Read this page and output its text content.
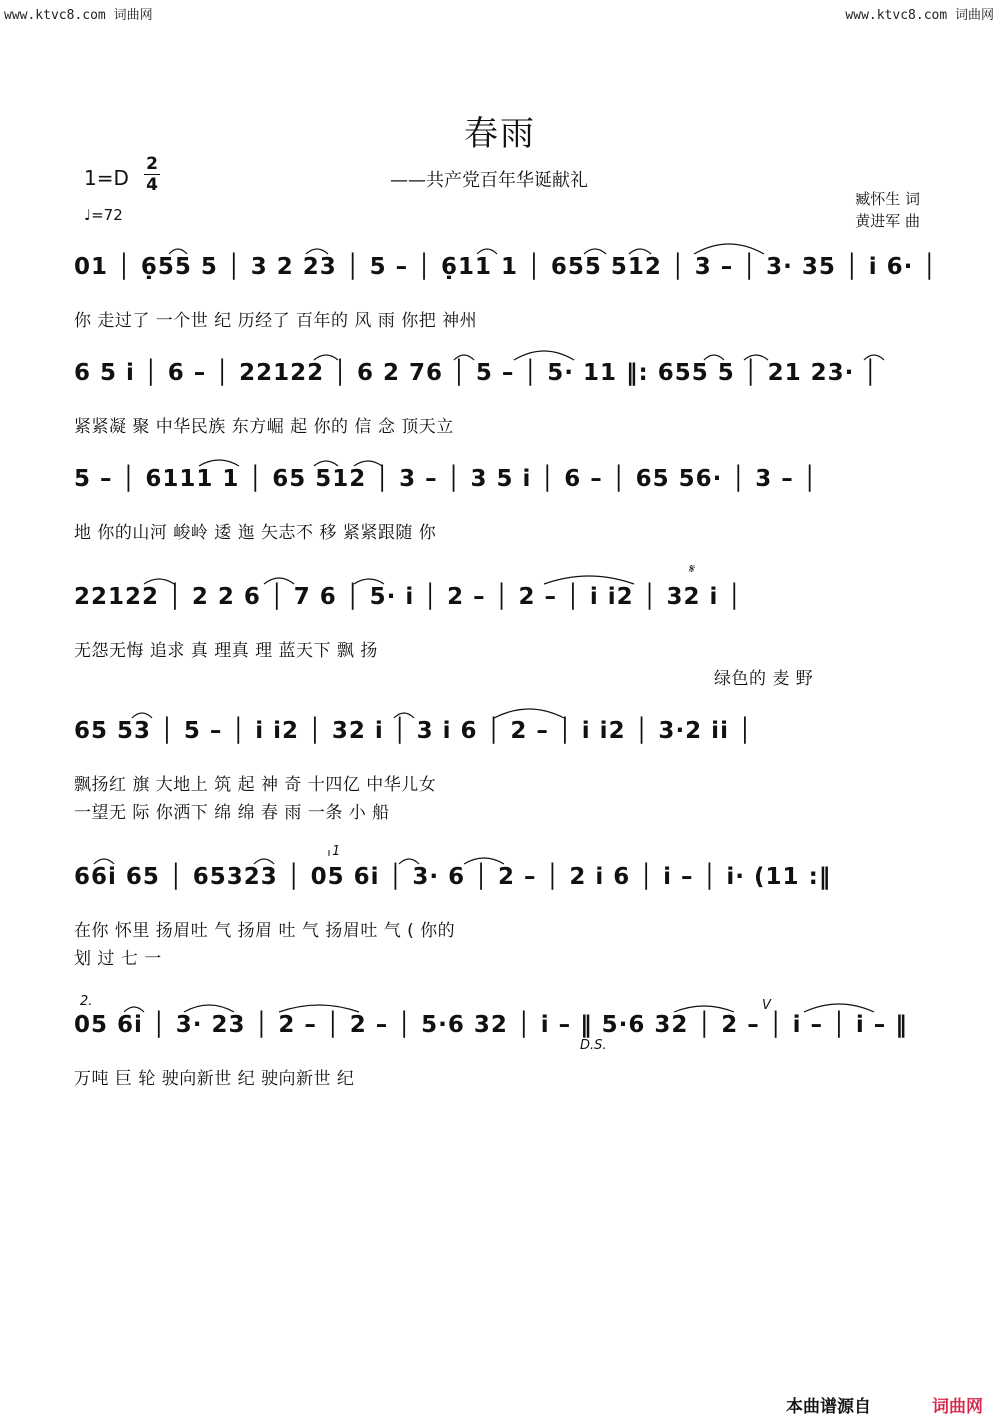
www.ktvc8.com 词曲网	www.ktvc8.com 词曲网
春雨
1=D
2
4	——共产党百年华诞献礼
♩=72
臧怀生 词
黄进军 曲
01 │ 6̣55 5 │ 3 2 23 │ 5 – │ 6̣11 1 │ 655 512 │ 3 – │ 3· 35 │ i 6· │
你 走过了 一个世 纪 历经了 百年的 风 雨 你把 神州
6 5 i │ 6 – │ 22122 │ 6 2 76 │ 5 – │ 5· 11 ‖: 655 5 │ 21 23· │
紧紧凝 聚 中华民族 东方崛 起 你的 信 念 顶天立
5 – │ 6111 1 │ 65 512 │ 3 – │ 3 5 i │ 6 – │ 65 56· │ 3 – │
地 你的山河 峻岭 逶 迤 矢志不 移 紧紧跟随 你
𝄋
22122 │ 2 2 6 │ 7 6 │ 5· i │ 2 – │ 2 – │ i i2 │ 32 i │
无怨无悔 追求 真 理真 理 蓝天下 飘 扬
绿色的 麦 野
65 53 │ 5 – │ i i2 │ 32 i │ 3 i 6 │ 2 – │ i i2 │ 3·2 ii │
飘扬红 旗 大地上 筑 起 神 奇 十四亿 中华儿女
一望无 际 你洒下 绵 绵 春 雨 一条 小 船
1
66i 65 │ 65323 │ 05 6i │ 3· 6 │ 2 – │ 2 i 6 │ i – │ i· (11 :‖
在你 怀里 扬眉吐 气 扬眉 吐 气 扬眉吐 气 ( 你的
划 过 七 一
2.
D.S.
V
05 6i │ 3· 23 │ 2 – │ 2 – │ 5·6 32 │ i – ‖ 5·6 32 │ 2 – │ i – │ i – ‖
万吨 巨 轮 驶向新世 纪 驶向新世 纪
本曲谱源自	词曲网
